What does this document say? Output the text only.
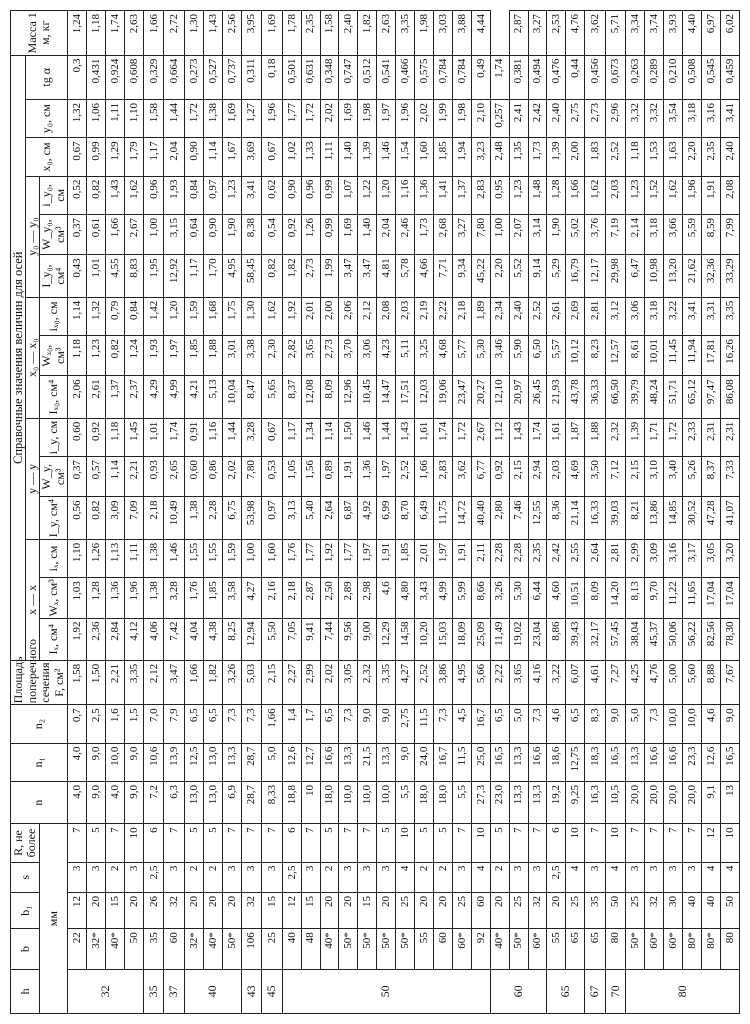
h	b	b₁	s	R, не более	n	n₁	n₂	Площадь поперечного сечения F, см²	Справочные значения величин для осей															Масса 1 м, кг
									x — x			y — y			x₀ — x₀			y₀ — y₀			x₀, см	y₀, см	tg α	
мм									Iₓ, см⁴	Wₓ, см³	iₓ, см	I_y, см⁴	W_y, см³	i_y, см	Iₓ₀, см⁴	Wₓ₀, см³	iₓ₀, см	I_y₀, см⁴	W_y₀, см³	i_y₀, см				
32	22	12	3	7	4,0	4,0	0,7	1,58	1,92	1,03	1,10	0,56	0,37	0,60	2,06	1,18	1,14	0,43	0,37	0,52	0,67	1,32	0,3	1,24
	32*	20	3	5	9,0	9,0	2,5	1,50	2,36	1,28	1,26	0,82	0,57	0,92	2,61	1,23	1,32	1,01	0,61	0,82	0,99	1,06	0,431	1,18
	40*	15	2	7	4,0	10,0	1,6	2,21	2,84	1,36	1,13	3,09	1,14	1,18	1,37	0,82	0,79	4,55	1,66	1,43	1,29	1,11	0,924	1,74
	50	20	3	10	9,0	9,0	1,5	3,35	4,12	1,96	1,11	7,09	2,21	1,45	2,37	1,24	0,84	8,83	2,67	1,62	1,79	1,10	0,608	2,63
35	35	26	2,5	6	7,2	10,6	7,0	2,12	4,06	1,38	1,38	2,18	0,93	1,01	4,29	1,93	1,42	1,95	1,00	0,96	1,17	1,58	0,329	1,66
37	60	32	3	7	6,3	13,9	7,9	3,47	7,42	3,28	1,46	10,49	2,65	1,74	4,99	1,97	1,20	12,92	3,15	1,93	2,04	1,44	0,664	2,72
40	32*	20	2	5	13,0	12,5	6,5	1,66	4,04	1,76	1,55	1,38	0,60	0,91	4,21	1,85	1,59	1,17	0,64	0,84	0,90	1,72	0,273	1,30
	40*	20	2	5	13,0	13,0	6,5	1,82	4,38	1,85	1,55	2,28	0,86	1,16	5,13	1,88	1,68	1,70	0,90	0,97	1,14	1,38	0,527	1,43
	50*	20	3	7	6,9	13,3	7,3	3,26	8,25	3,58	1,59	6,75	2,02	1,44	10,04	3,01	1,75	4,95	1,90	1,23	1,67	1,69	0,737	2,56
43	106	32	3	7	28,7	28,7	7,3	5,03	12,94	4,27	1,00	53,98	7,80	3,28	8,47	3,38	1,30	58,45	8,38	3,41	3,69	1,27	0,311	3,95
45	25	15	3	7	8,33	5,0	1,66	2,15	5,50	2,16	1,60	0,97	0,53	0,67	5,65	2,30	1,62	0,82	0,54	0,62	0,67	1,96	0,18	1,69
50	40	12	2,5	6	18,8	12,6	1,4	2,27	7,05	2,18	1,76	3,13	1,05	1,17	8,37	2,82	1,92	1,82	0,92	0,90	1,02	1,77	0,501	1,78
	48	15	3	7	10	12,7	1,7	2,99	9,41	2,87	1,77	5,40	1,56	1,34	12,08	3,65	2,01	2,73	1,26	0,96	1,33	1,72	0,631	2,35
	40*	20	2	5	18,0	16,6	6,5	2,02	7,44	2,50	1,92	2,64	0,89	1,14	8,09	2,73	2,00	1,99	0,99	0,99	1,11	2,02	0,348	1,58
	50*	20	3	7	10,0	13,3	7,3	3,05	9,56	2,89	1,77	6,87	1,91	1,50	12,96	3,70	2,06	3,47	1,69	1,07	1,40	1,69	0,747	2,40
	50*	15	3	7	10,0	21,5	9,0	2,32	9,00	2,98	1,97	4,92	1,36	1,46	10,45	3,06	2,12	3,47	1,40	1,22	1,39	1,98	0,512	1,82
	50*	20	3	5	10,0	13,3	9,0	3,35	12,29	4,6	1,91	6,99	1,97	1,44	14,47	4,23	2,08	4,81	2,04	1,20	1,46	1,97	0,541	2,63
	50*	25	4	10	5,5	9,0	2,75	4,27	14,58	4,80	1,85	8,70	2,52	1,43	17,51	5,11	2,03	5,78	2,46	1,16	1,54	1,96	0,466	3,35
	55	20	2	5	18,0	24,0	11,5	2,52	10,20	3,43	2,01	6,49	1,66	1,61	12,03	3,25	2,19	4,66	1,73	1,36	1,60	2,02	0,575	1,98
	60	20	2	5	18,0	16,7	7,3	3,86	15,03	4,99	1,97	11,75	2,83	1,74	19,06	4,68	2,22	7,71	2,68	1,41	1,85	1,99	0,784	3,03
	60*	25	3	7	5,5	11,5	4,5	4,95	18,09	5,99	1,91	14,72	3,62	1,72	23,47	5,77	2,18	9,34	3,27	1,37	1,94	1,98	0,784	3,88
	92	60	4	10	27,3	25,0	16,7	5,66	25,09	8,66	2,11	40,40	6,77	2,67	20,27	5,30	1,89	45,22	7,80	2,83	3,23	2,10	0,49	4,44
60	40*	20	2	5	23,0	16,5	6,5	2,22	11,49	3,26	2,28	2,80	0,92	1,12	12,10	3,46	2,34	2,20	1,00	0,95	2,48	0,257	1,74	
	50*	25	3	7	13,3	13,3	5,0	3,65	19,02	5,30	2,28	7,46	2,15	1,43	20,97	5,90	2,40	5,52	2,07	1,23	1,35	2,41	0,381	2,87
	60*	32	3	7	13,3	16,6	7,3	4,16	23,04	6,44	2,35	12,55	2,94	1,74	26,45	6,50	2,52	9,14	3,14	1,48	1,73	2,42	0,494	3,27
65	55	20	2,5	6	19,2	18,6	4,6	3,22	8,86	4,60	2,42	8,36	2,03	1,61	21,93	5,57	2,61	5,29	1,90	1,28	1,39	2,40	0,476	2,53
	65	25	4	10	9,25	12,75	6,5	6,07	39,43	10,51	2,55	21,14	4,69	1,87	43,78	10,12	2,69	16,79	5,02	1,66	2,00	2,75	0,44	4,76
67	65	35	3	7	16,3	18,3	8,3	4,61	32,17	8,09	2,64	16,33	3,50	1,88	36,33	8,23	2,81	12,17	3,76	1,62	1,83	2,73	0,456	3,62
70	80	50	4	10	10,5	16,5	9,0	7,27	57,45	14,20	2,81	39,03	7,12	2,32	66,50	12,57	3,12	29,98	7,19	2,03	2,52	2,96	0,673	5,71
80	50*	25	3	7	20,0	13,3	5,0	4,25	38,04	8,13	2,99	8,21	2,15	1,39	39,79	8,61	3,06	6,47	2,14	1,23	1,18	3,32	0,263	3,34
	60*	32	3	7	20,0	16,6	7,3	4,76	45,37	9,70	3,09	13,86	3,10	1,71	48,24	10,01	3,18	10,98	3,18	1,52	1,53	3,32	0,289	3,74
	60*	30	3	7	20,0	16,6	10,0	5,00	50,06	11,22	3,16	14,85	3,40	1,72	51,71	11,45	3,22	13,20	3,66	1,62	1,63	3,54	0,210	3,93
	80*	40	3	7	20,0	23,3	10,0	5,60	56,22	11,65	3,17	30,52	5,26	2,33	65,12	11,94	3,41	21,62	5,59	1,96	2,20	3,18	0,508	4,40
	80*	40	4	12	9,1	12,6	4,6	8,88	82,56	17,04	3,05	47,28	8,37	2,31	97,47	17,81	3,31	32,36	8,59	1,91	2,35	3,16	0,545	6,97
	80	50	4	10	13	16,5	9,0	7,67	78,30	17,04	3,20	41,07	7,33	2,31	86,08	16,26	3,35	33,29	7,99	2,08	2,40	3,41	0,459	6,02
